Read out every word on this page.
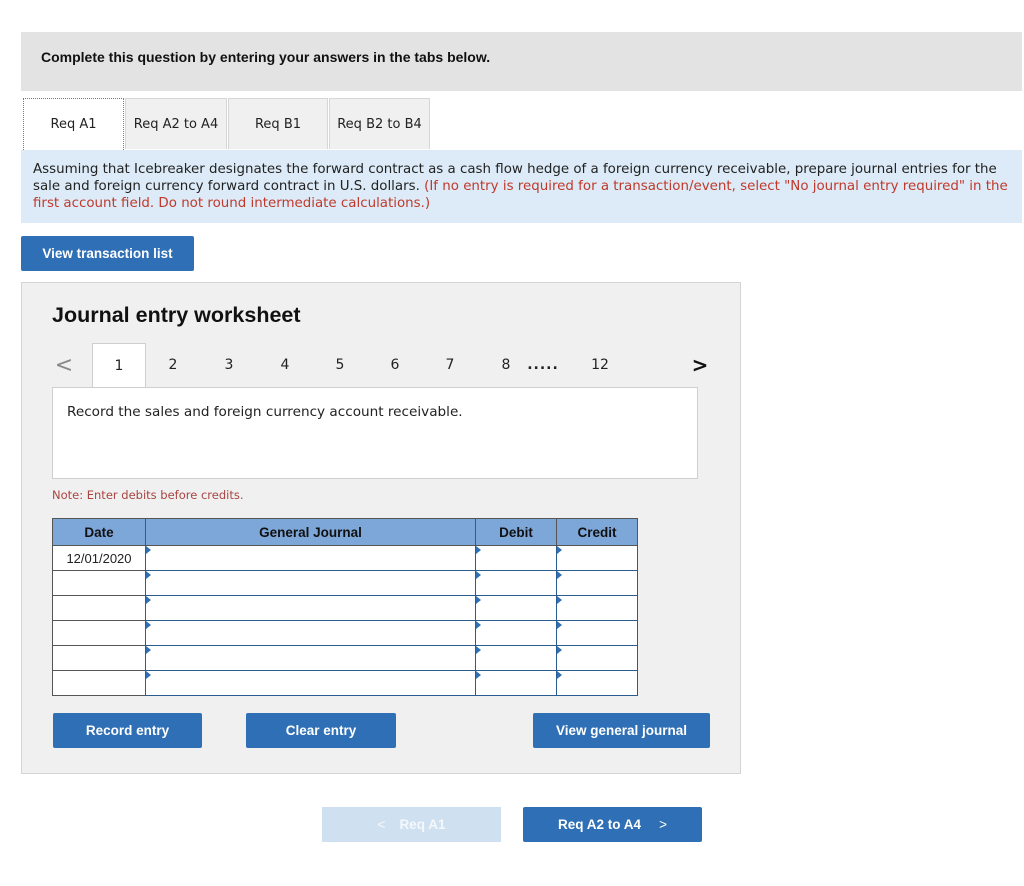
Complete this question by entering your answers in the tabs below.
Req A1	Req A2 to A4	Req B1	Req B2 to B4
Assuming that Icebreaker designates the forward contract as a cash flow hedge of a foreign currency receivable, prepare journal entries for the sale and foreign currency forward contract in U.S. dollars. (If no entry is required for a transaction/event, select "No journal entry required" in the first account field. Do not round intermediate calculations.)
View transaction list
Journal entry worksheet
<	1	2	3	4	5	6	7	8	.....	12	>
Record the sales and foreign currency account receivable.
Note: Enter debits before credits.
Date	General Journal	Debit	Credit
12/01/2020	

Record entry	Clear entry	View general journal
< Req A1	Req A2 to A4 >
